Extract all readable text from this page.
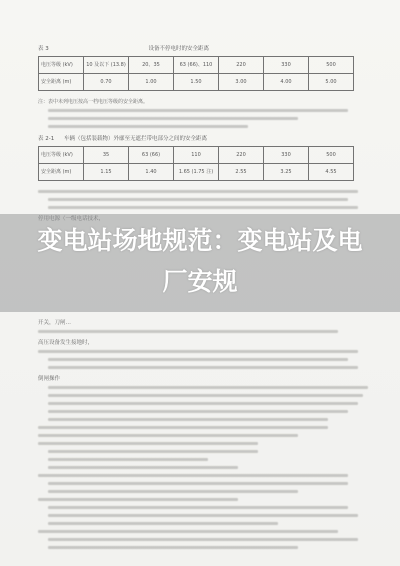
表 3	设备不停电时的安全距离
电压等级 (kV)	10 及以下 (13.8)	20、35	63 (66)、110	220	330	500
安全距离 (m)	0.70	1.00	1.50	3.00	4.00	5.00
注：表中未列电压按高一档电压等级的安全距离。
表 2-1 车辆（包括装载物）外廓至无遮拦带电部分之间的安全距离
电压等级 (kV)	35	63 (66)	110	220	330	500
安全距离 (m)	1.15	1.40	1.65 (1.75 注)	2.55	3.25	4.55
变电站场地规范：变电站及电厂安规
开关，刀闸…
高压设备发生接地时，
倒闸操作
